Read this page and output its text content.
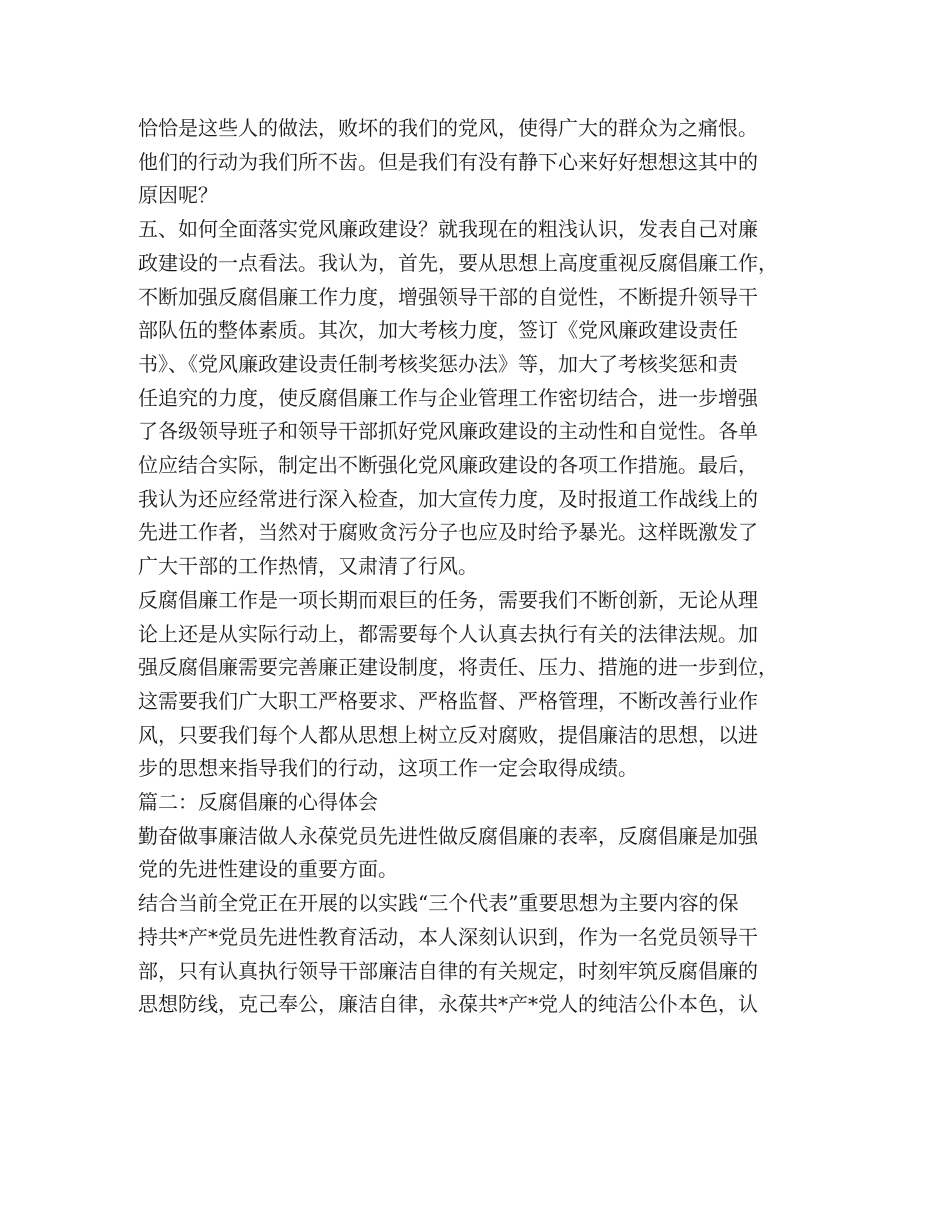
恰恰是这些人的做法，败坏的我们的党风，使得广大的群众为之痛恨。
他们的行动为我们所不齿。但是我们有没有静下心来好好想想这其中的
原因呢？
五、如何全面落实党风廉政建设？就我现在的粗浅认识，发表自己对廉
政建设的一点看法。我认为，首先，要从思想上高度重视反腐倡廉工作，
不断加强反腐倡廉工作力度，增强领导干部的自觉性，不断提升领导干
部队伍的整体素质。其次，加大考核力度，签订《党风廉政建设责任
书》、《党风廉政建设责任制考核奖惩办法》等，加大了考核奖惩和责
任追究的力度，使反腐倡廉工作与企业管理工作密切结合，进一步增强
了各级领导班子和领导干部抓好党风廉政建设的主动性和自觉性。各单
位应结合实际，制定出不断强化党风廉政建设的各项工作措施。最后，
我认为还应经常进行深入检查，加大宣传力度，及时报道工作战线上的
先进工作者，当然对于腐败贪污分子也应及时给予暴光。这样既激发了
广大干部的工作热情，又肃清了行风。
反腐倡廉工作是一项长期而艰巨的任务，需要我们不断创新，无论从理
论上还是从实际行动上，都需要每个人认真去执行有关的法律法规。加
强反腐倡廉需要完善廉正建设制度，将责任、压力、措施的进一步到位，
这需要我们广大职工严格要求、严格监督、严格管理，不断改善行业作
风，只要我们每个人都从思想上树立反对腐败，提倡廉洁的思想，以进
步的思想来指导我们的行动，这项工作一定会取得成绩。
篇二：反腐倡廉的心得体会
勤奋做事廉洁做人永葆党员先进性做反腐倡廉的表率，反腐倡廉是加强
党的先进性建设的重要方面。
结合当前全党正在开展的以实践“三个代表”重要思想为主要内容的保
持共*产*党员先进性教育活动，本人深刻认识到，作为一名党员领导干
部，只有认真执行领导干部廉洁自律的有关规定，时刻牢筑反腐倡廉的
思想防线，克己奉公，廉洁自律，永葆共*产*党人的纯洁公仆本色，认
